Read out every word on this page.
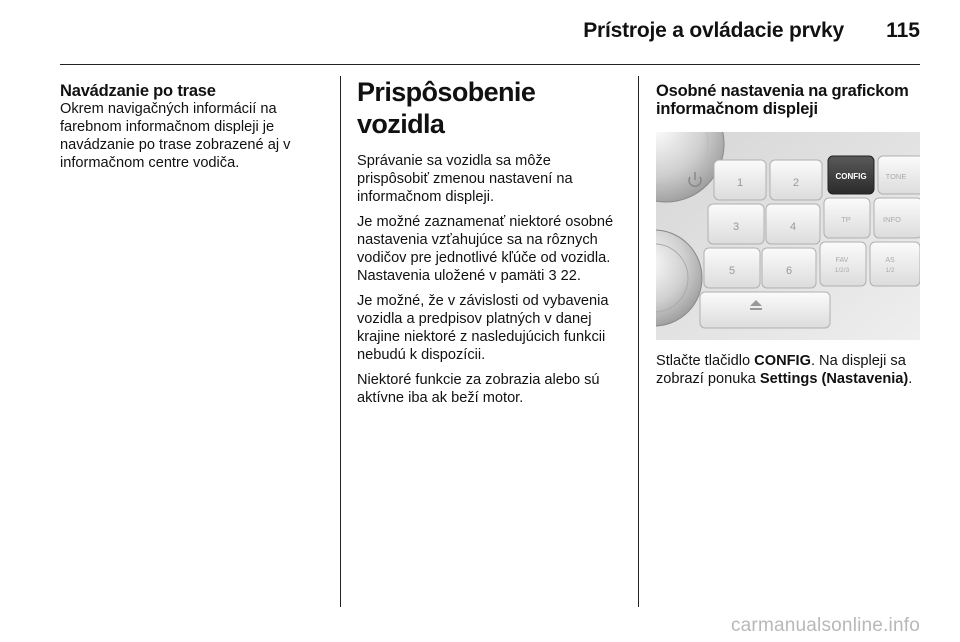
Prístroje a ovládacie prvky 115
Navádzanie po trase

Okrem navigačných informácií na farebnom informačnom displeji je navádzanie po trase zobrazené aj v informačnom centre vodiča.

Prispôsobenie vozidla

Správanie sa vozidla sa môže prispôsobiť zmenou nastavení na informačnom displeji.

Je možné zaznamenať niektoré osobné nastavenia vzťahujúce sa na rôznych vodičov pre jednotlivé kľúče od vozidla. Nastavenia uložené v pamäti 3 22.

Je možné, že v závislosti od vybavenia vozidla a predpisov platných v danej krajine niektoré z nasledujúcich funkcii nebudú k dispozícii.

Niektoré funkcie za zobrazia alebo sú aktívne iba ak beží motor.

Osobné nastavenia na grafickom informačnom displeji
1	2
3	4
5	6
CONFIG	TONE
TP	INFO
FAV
1/2/3
AS
1/2

Stlačte tlačidlo CONFIG. Na displeji sa zobrazí ponuka Settings (Nastavenia).

carmanualsonline.info
